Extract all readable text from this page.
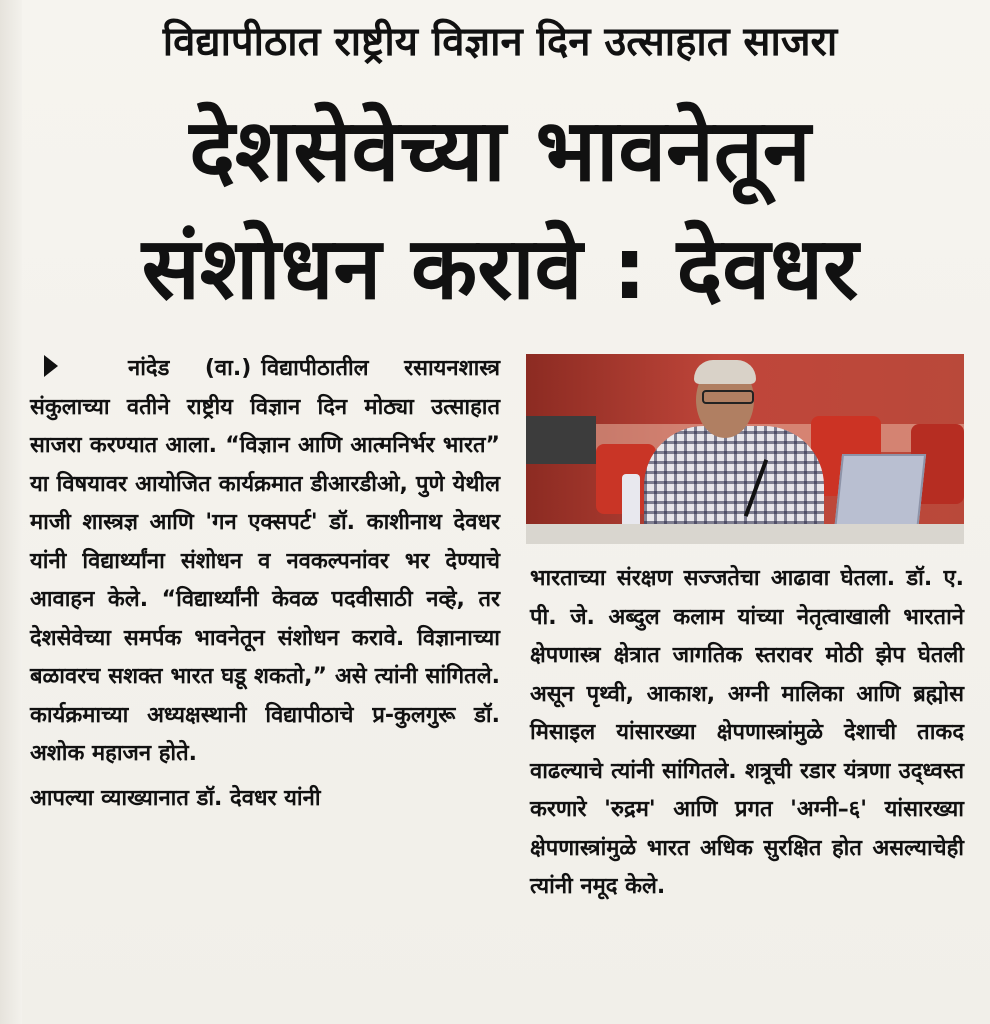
विद्यापीठात राष्ट्रीय विज्ञान दिन उत्साहात साजरा
देशसेवेच्या भावनेतून
संशोधन करावे : देवधर

नांदेड (वा.) विद्यापीठातील रसायनशास्त्र संकुलाच्या वतीने राष्ट्रीय विज्ञान दिन मोठ्या उत्साहात साजरा करण्यात आला. “विज्ञान आणि आत्मनिर्भर भारत” या विषयावर आयोजित कार्यक्रमात डीआरडीओ, पुणे येथील माजी शास्त्रज्ञ आणि 'गन एक्सपर्ट' डॉ. काशीनाथ देवधर यांनी विद्यार्थ्यांना संशोधन व नवकल्पनांवर भर देण्याचे आवाहन केले. “विद्यार्थ्यांनी केवळ पदवीसाठी नव्हे, तर देशसेवेच्या समर्पक भावनेतून संशोधन करावे. विज्ञानाच्या बळावरच सशक्त भारत घडू शकतो,” असे त्यांनी सांगितले. कार्यक्रमाच्या अध्यक्षस्थानी विद्यापीठाचे प्र-कुलगुरू डॉ. अशोक महाजन होते.

आपल्या व्याख्यानात डॉ. देवधर यांनी

भारताच्या संरक्षण सज्जतेचा आढावा घेतला. डॉ. ए. पी. जे. अब्दुल कलाम यांच्या नेतृत्वाखाली भारताने क्षेपणास्त्र क्षेत्रात जागतिक स्तरावर मोठी झेप घेतली असून पृथ्वी, आकाश, अग्नी मालिका आणि ब्रह्मोस मिसाइल यांसारख्या क्षेपणास्त्रांमुळे देशाची ताकद वाढल्याचे त्यांनी सांगितले. शत्रूची रडार यंत्रणा उद्ध्वस्त करणारे 'रुद्रम' आणि प्रगत 'अग्नी–६' यांसारख्या क्षेपणास्त्रांमुळे भारत अधिक सुरक्षित होत असल्याचेही त्यांनी नमूद केले.
